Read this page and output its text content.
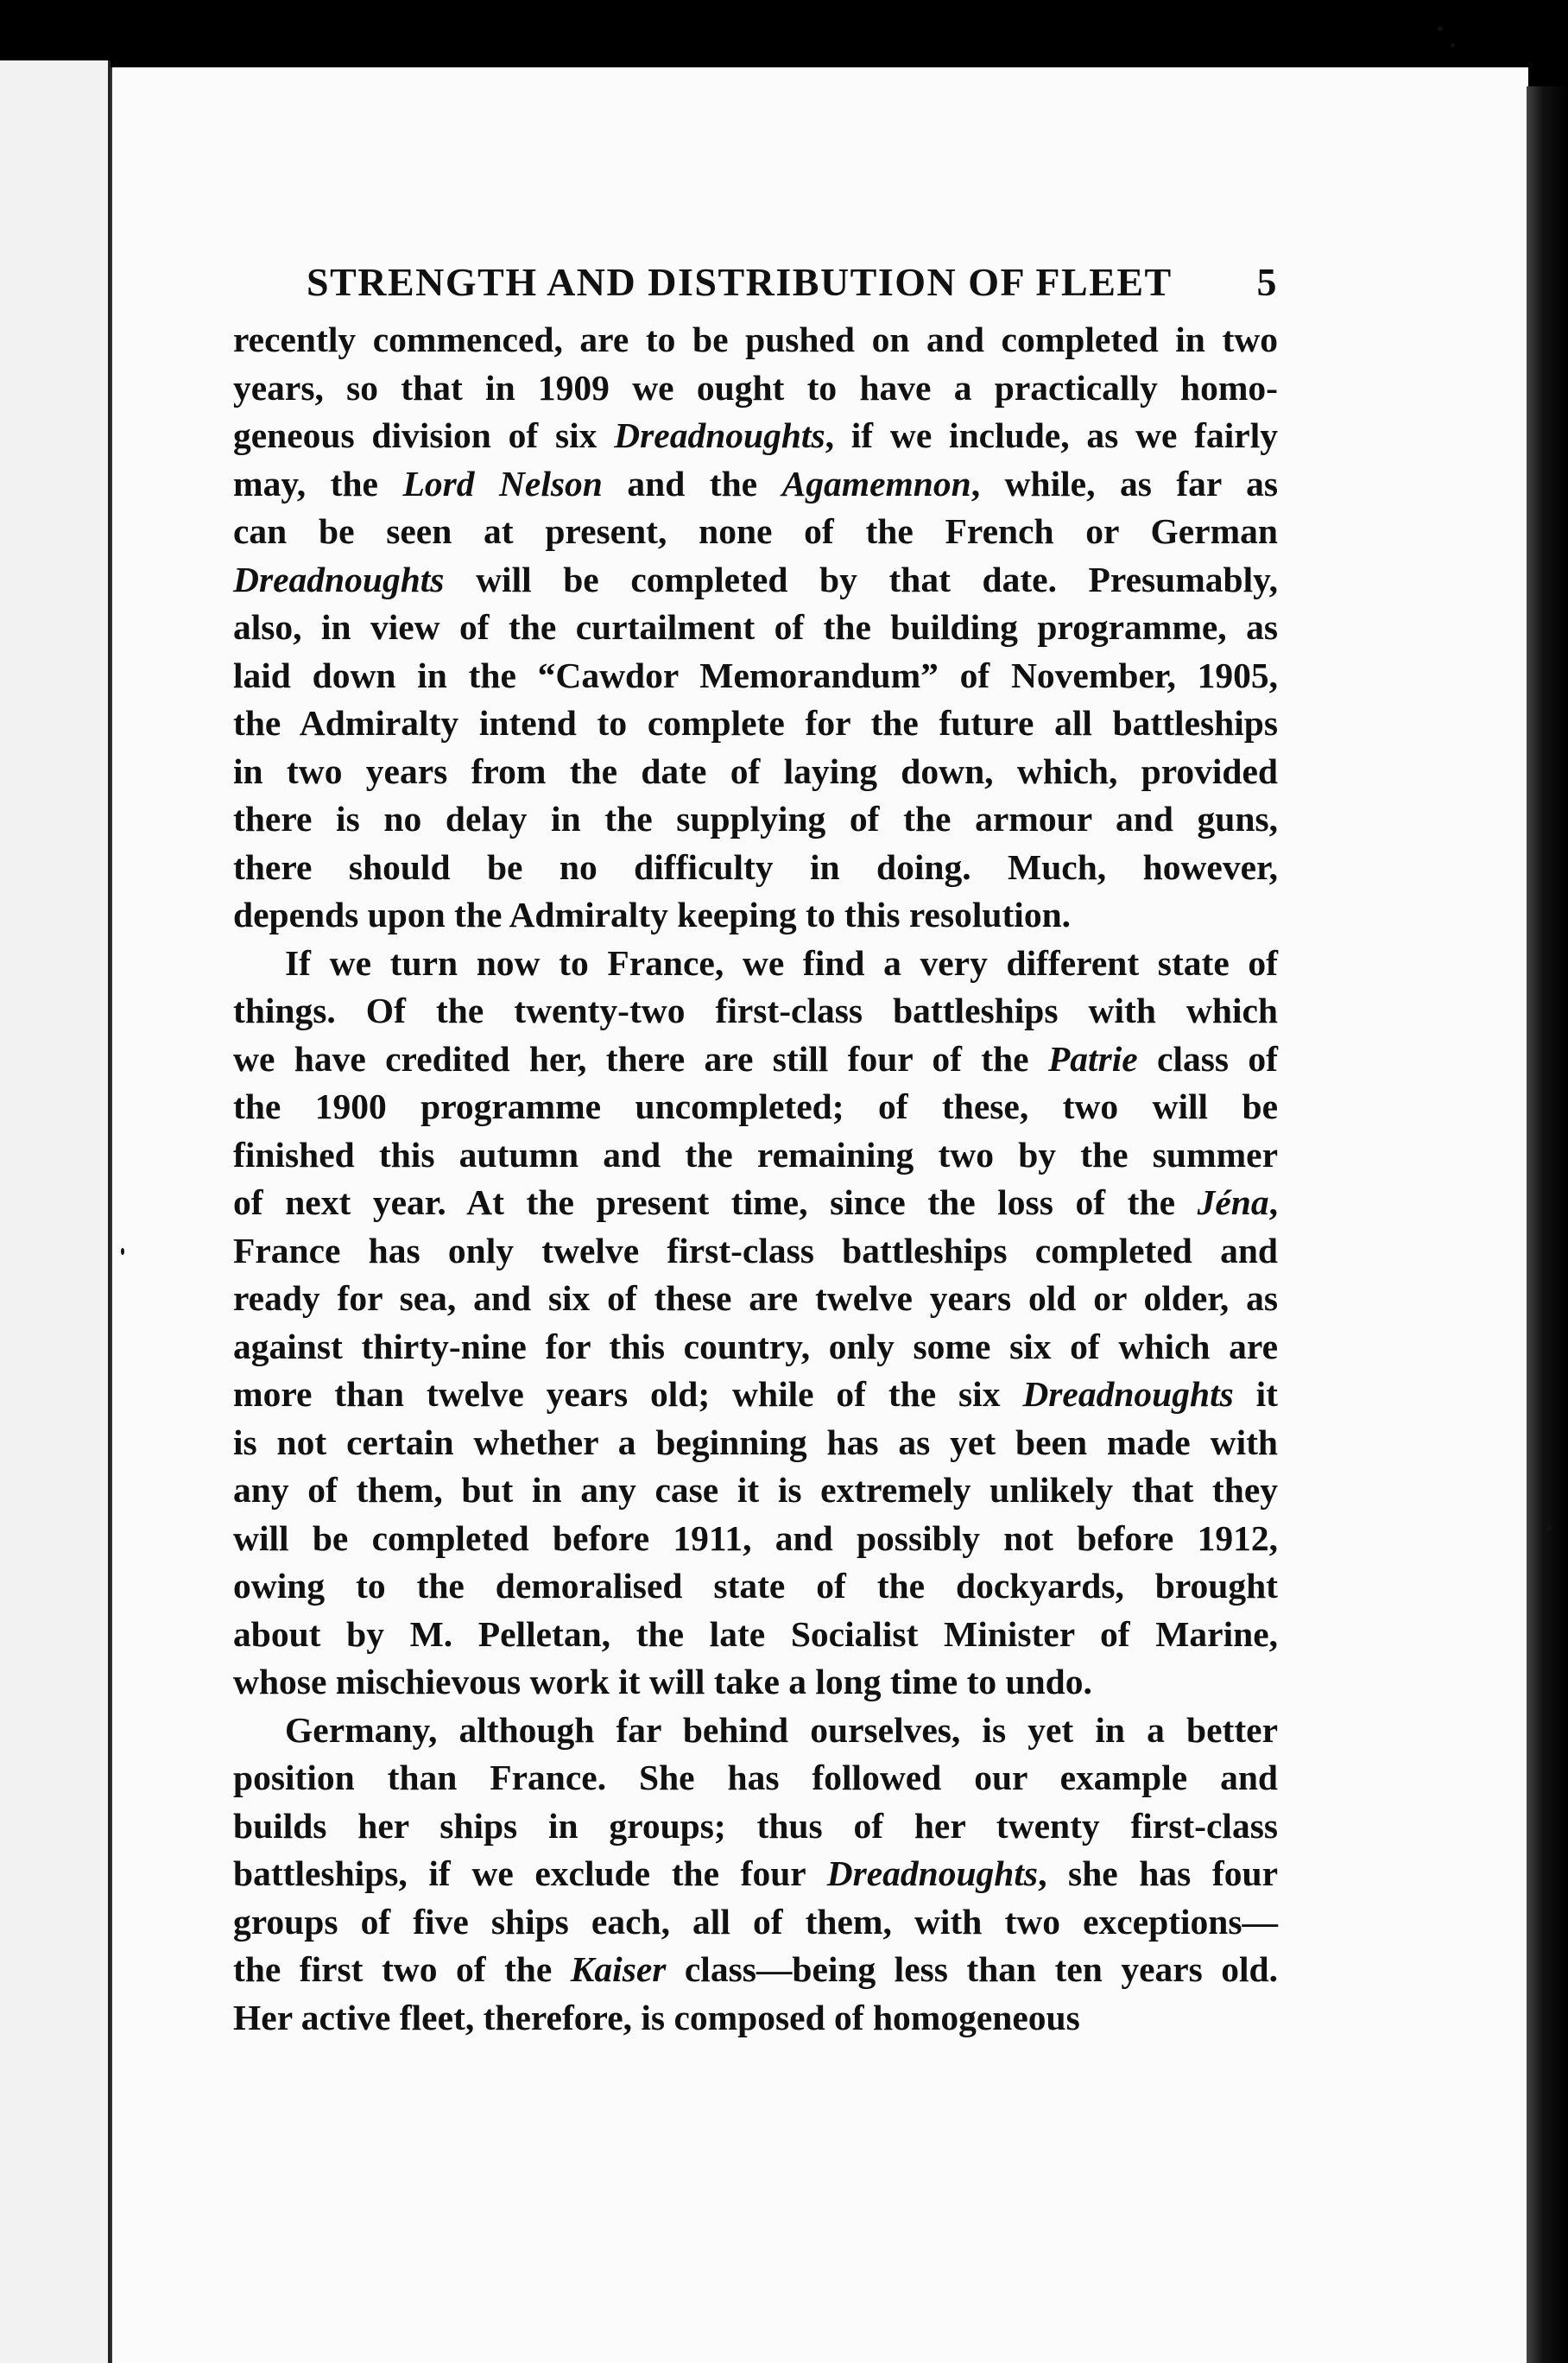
STRENGTH AND DISTRIBUTION OF FLEET 5
recently commenced, are to be pushed on and completed in two
years, so that in 1909 we ought to have a practically homo-
geneous division of six Dreadnoughts, if we include, as we fairly
may, the Lord Nelson and the Agamemnon, while, as far as
can be seen at present, none of the French or German
Dreadnoughts will be completed by that date. Presumably,
also, in view of the curtailment of the building programme, as
laid down in the “Cawdor Memorandum” of November, 1905,
the Admiralty intend to complete for the future all battleships
in two years from the date of laying down, which, provided
there is no delay in the supplying of the armour and guns,
there should be no difficulty in doing. Much, however,
depends upon the Admiralty keeping to this resolution.
If we turn now to France, we find a very different state of
things. Of the twenty-two first-class battleships with which
we have credited her, there are still four of the Patrie class of
the 1900 programme uncompleted; of these, two will be
finished this autumn and the remaining two by the summer
of next year. At the present time, since the loss of the Jéna,
France has only twelve first-class battleships completed and
ready for sea, and six of these are twelve years old or older, as
against thirty-nine for this country, only some six of which are
more than twelve years old; while of the six Dreadnoughts it
is not certain whether a beginning has as yet been made with
any of them, but in any case it is extremely unlikely that they
will be completed before 1911, and possibly not before 1912,
owing to the demoralised state of the dockyards, brought
about by M. Pelletan, the late Socialist Minister of Marine,
whose mischievous work it will take a long time to undo.
Germany, although far behind ourselves, is yet in a better
position than France. She has followed our example and
builds her ships in groups; thus of her twenty first-class
battleships, if we exclude the four Dreadnoughts, she has four
groups of five ships each, all of them, with two exceptions—
the first two of the Kaiser class—being less than ten years old.
Her active fleet, therefore, is composed of homogeneous
